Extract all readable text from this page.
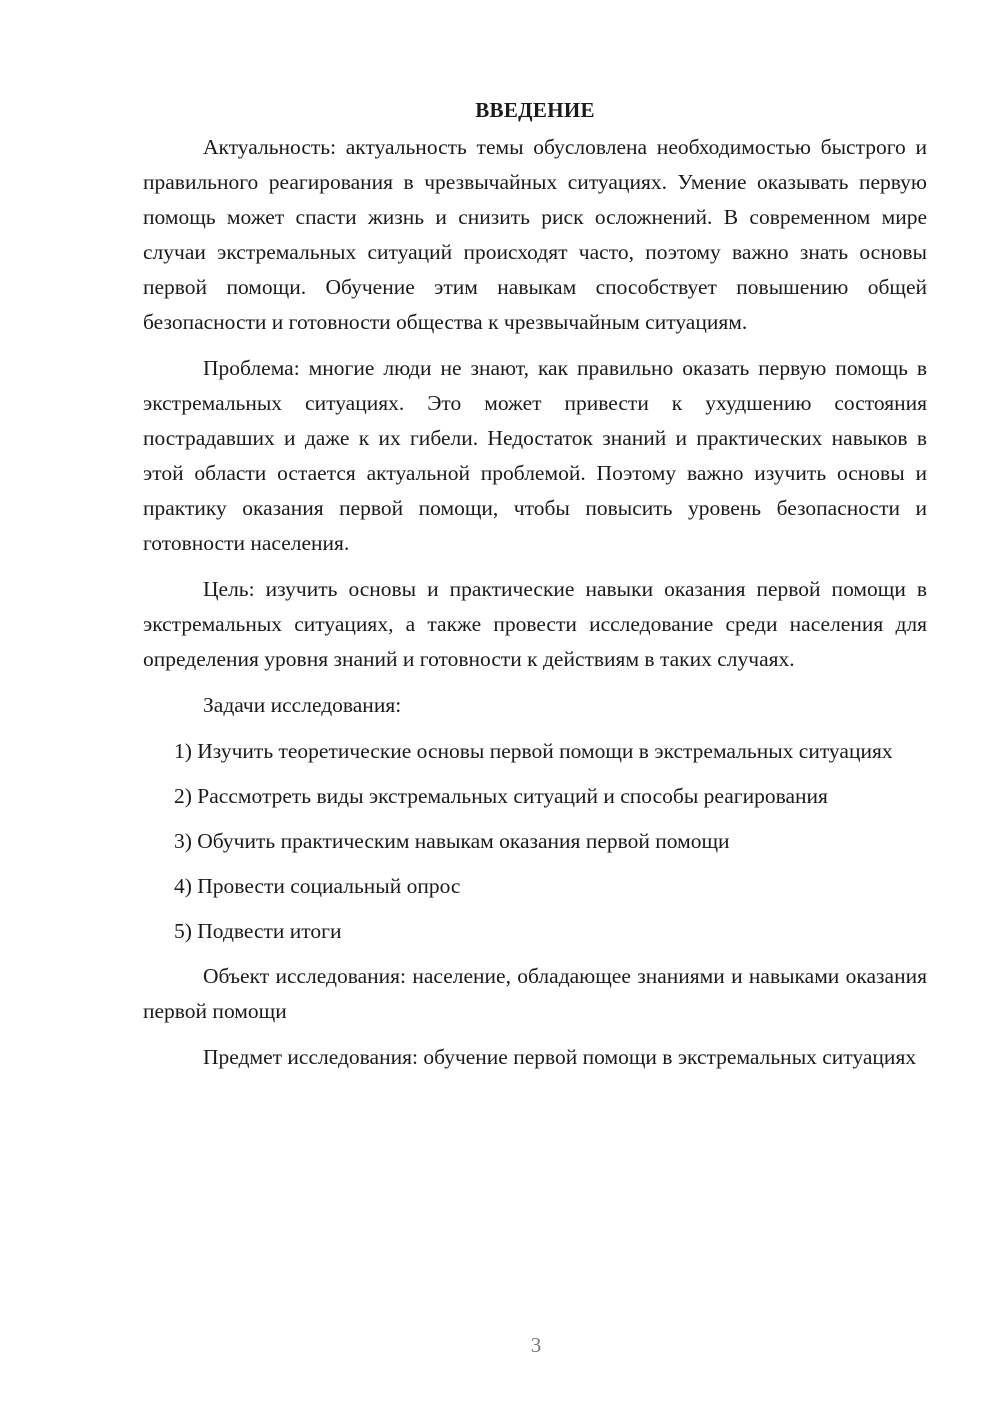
ВВЕДЕНИЕ

Актуальность: актуальность темы обусловлена необходимостью быстрого и правильного реагирования в чрезвычайных ситуациях. Умение оказывать первую помощь может спасти жизнь и снизить риск осложнений. В современном мире случаи экстремальных ситуаций происходят часто, поэтому важно знать основы первой помощи. Обучение этим навыкам способствует повышению общей безопасности и готовности общества к чрезвычайным ситуациям.

Проблема: многие люди не знают, как правильно оказать первую помощь в экстремальных ситуациях. Это может привести к ухудшению состояния пострадавших и даже к их гибели. Недостаток знаний и практических навыков в этой области остается актуальной проблемой. Поэтому важно изучить основы и практику оказания первой помощи, чтобы повысить уровень безопасности и готовности населения.

Цель: изучить основы и практические навыки оказания первой помощи в экстремальных ситуациях, а также провести исследование среди населения для определения уровня знаний и готовности к действиям в таких случаях.

Задачи исследования:

1) Изучить теоретические основы первой помощи в экстремальных ситуациях

2) Рассмотреть виды экстремальных ситуаций и способы реагирования

3) Обучить практическим навыкам оказания первой помощи

4) Провести социальный опрос

5) Подвести итоги

Объект исследования: население, обладающее знаниями и навыками оказания первой помощи

Предмет исследования: обучение первой помощи в экстремальных ситуациях

3
